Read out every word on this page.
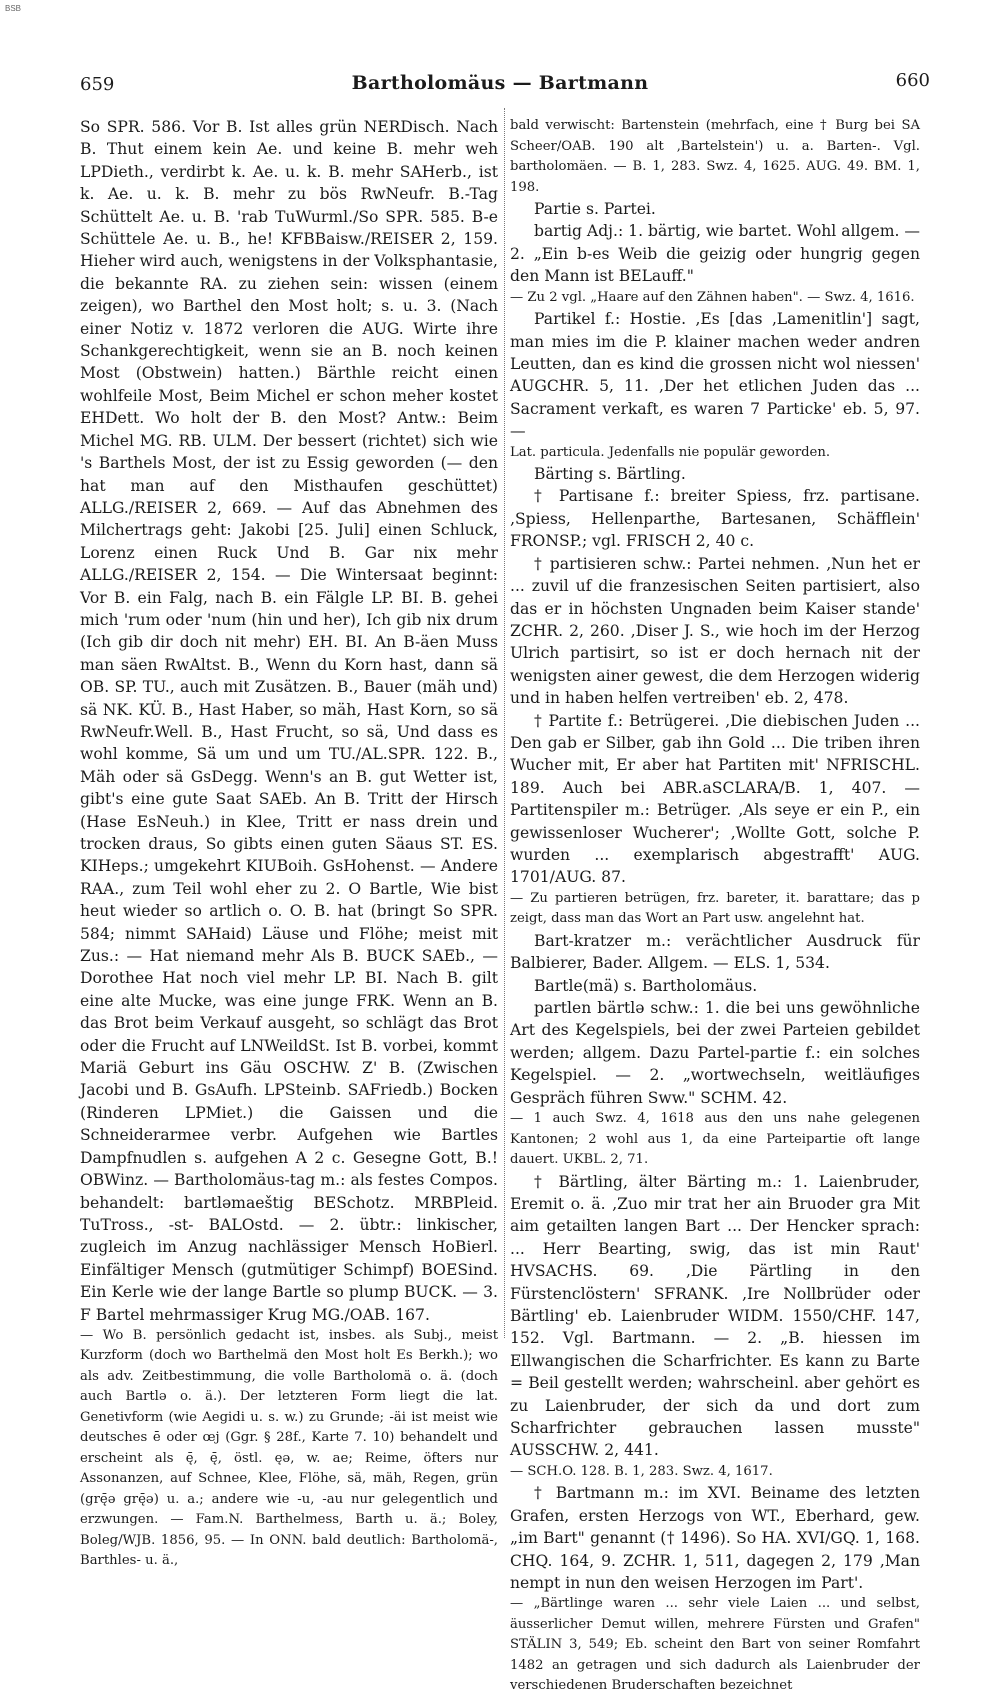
BSB
659	Bartholomäus — Bartmann	660

So SPR. 586. Vor B. Ist alles grün NERDisch. Nach B. Thut einem kein Ae. und keine B. mehr weh LPDieth., verdirbt k. Ae. u. k. B. mehr SAHerb., ist k. Ae. u. k. B. mehr zu bös RwNeufr. B.-Tag Schüttelt Ae. u. B. 'rab TuWurml./So SPR. 585. B-e Schüttele Ae. u. B., he! KFBBaisw./REISER 2, 159. Hieher wird auch, wenigstens in der Volksphantasie, die bekannte RA. zu ziehen sein: wissen (einem zeigen), wo Barthel den Most holt; s. u. 3. (Nach einer Notiz v. 1872 verloren die AUG. Wirte ihre Schankgerechtigkeit, wenn sie an B. noch keinen Most (Obstwein) hatten.) Bärthle reicht einen wohlfeile Most, Beim Michel er schon meher kostet EHDett. Wo holt der B. den Most? Antw.: Beim Michel MG. RB. ULM. Der bessert (richtet) sich wie 's Barthels Most, der ist zu Essig geworden (— den hat man auf den Misthaufen geschüttet) ALLG./REISER 2, 669. — Auf das Abnehmen des Milchertrags geht: Jakobi [25. Juli] einen Schluck, Lorenz einen Ruck Und B. Gar nix mehr ALLG./REISER 2, 154. — Die Wintersaat beginnt: Vor B. ein Falg, nach B. ein Fälgle LP. BI. B. gehei mich 'rum oder 'num (hin und her), Ich gib nix drum (Ich gib dir doch nit mehr) EH. BI. An B-äen Muss man säen RwAltst. B., Wenn du Korn hast, dann sä OB. SP. TU., auch mit Zusätzen. B., Bauer (mäh und) sä NK. KÜ. B., Hast Haber, so mäh, Hast Korn, so sä RwNeufr.Well. B., Hast Frucht, so sä, Und dass es wohl komme, Sä um und um TU./AL.SPR. 122. B., Mäh oder sä GsDegg. Wenn's an B. gut Wetter ist, gibt's eine gute Saat SAEb. An B. Tritt der Hirsch (Hase EsNeuh.) in Klee, Tritt er nass drein und trocken draus, So gibts einen guten Säaus ST. ES. KIHeps.; umgekehrt KIUBoih. GsHohenst. — Andere RAA., zum Teil wohl eher zu 2. O Bartle, Wie bist heut wieder so artlich o. O. B. hat (bringt So SPR. 584; nimmt SAHaid) Läuse und Flöhe; meist mit Zus.: — Hat niemand mehr Als B. BUCK SAEb., — Dorothee Hat noch viel mehr LP. BI. Nach B. gilt eine alte Mucke, was eine junge FRK. Wenn an B. das Brot beim Verkauf ausgeht, so schlägt das Brot oder die Frucht auf LNWeildSt. Ist B. vorbei, kommt Mariä Geburt ins Gäu OSCHW. Z' B. (Zwischen Jacobi und B. GsAufh. LPSteinb. SAFriedb.) Bocken (Rinderen LPMiet.) die Gaissen und die Schneiderarmee verbr. Aufgehen wie Bartles Dampfnudlen s. aufgehen A 2 c. Gesegne Gott, B.! OBWinz. — Bartholomäus-tag m.: als festes Compos. behandelt: bartləmaeštig BESchotz. MRBPleid. TuTross., -st- BALOstd. — 2. übtr.: linkischer, zugleich im Anzug nachlässiger Mensch HoBierl. Einfältiger Mensch (gutmütiger Schimpf) BOESind. Ein Kerle wie der lange Bartle so plump BUCK. — 3. F Bartel mehrmassiger Krug MG./OAB. 167.

— Wo B. persönlich gedacht ist, insbes. als Subj., meist Kurzform (doch wo Barthelmä den Most holt Es Berkh.); wo als adv. Zeitbestimmung, die volle Bartholomä o. ä. (doch auch Bartlə o. ä.). Der letzteren Form liegt die lat. Genetivform (wie Aegidi u. s. w.) zu Grunde; -äi ist meist wie deutsches ē oder œj (Ggr. § 28f., Karte 7. 10) behandelt und erscheint als ę̄, ę̄, östl. ęə, w. ae; Reime, öfters nur Assonanzen, auf Schnee, Klee, Flöhe, sä, mäh, Regen, grün (grę̄ə grę̄ə) u. a.; andere wie -u, -au nur gelegentlich und erzwungen. — Fam.N. Barthelmess, Barth u. ä.; Boley, Boleg/WJB. 1856, 95. — In ONN. bald deutlich: Bartholomä-, Barthles- u. ä.,

bald verwischt: Bartenstein (mehrfach, eine † Burg bei SA Scheer/OAB. 190 alt ‚Bartelstein') u. a. Barten-. Vgl. bartholomäen. — B. 1, 283. Swz. 4, 1625. AUG. 49. BM. 1, 198.

Partie s. Partei.

bartig Adj.: 1. bärtig, wie bartet. Wohl allgem. — 2. „Ein b-es Weib die geizig oder hungrig gegen den Mann ist BELauff."

— Zu 2 vgl. „Haare auf den Zähnen haben". — Swz. 4, 1616.

Partikel f.: Hostie. ‚Es [das ‚Lamenitlin'] sagt, man mies im die P. klainer machen weder andren Leutten, dan es kind die grossen nicht wol niessen' AUGCHR. 5, 11. ‚Der het etlichen Juden das ... Sacrament verkaft, es waren 7 Particke' eb. 5, 97. —

Lat. particula. Jedenfalls nie populär geworden.

Bärting s. Bärtling.

† Partisane f.: breiter Spiess, frz. partisane. ‚Spiess, Hellenparthe, Bartesanen, Schäfflein' FRONSP.; vgl. FRISCH 2, 40 c.

† partisieren schw.: Partei nehmen. ‚Nun het er ... zuvil uf die franzesischen Seiten partisiert, also das er in höchsten Ungnaden beim Kaiser stande' ZCHR. 2, 260. ‚Diser J. S., wie hoch im der Herzog Ulrich partisirt, so ist er doch hernach nit der wenigsten ainer gewest, die dem Herzogen widerig und in haben helfen vertreiben' eb. 2, 478.

† Partite f.: Betrügerei. ‚Die diebischen Juden ... Den gab er Silber, gab ihn Gold ... Die triben ihren Wucher mit, Er aber hat Partiten mit' NFRISCHL. 189. Auch bei ABR.aSCLARA/B. 1, 407. — Partitenspiler m.: Betrüger. ‚Als seye er ein P., ein gewissenloser Wucherer'; ‚Wollte Gott, solche P. wurden ... exemplarisch abgestrafft' AUG. 1701/AUG. 87.

— Zu partieren betrügen, frz. bareter, it. barattare; das p zeigt, dass man das Wort an Part usw. angelehnt hat.

Bart-kratzer m.: verächtlicher Ausdruck für Balbierer, Bader. Allgem. — ELS. 1, 534.

Bartle(mä) s. Bartholomäus.

partlen bärtlə schw.: 1. die bei uns gewöhnliche Art des Kegelspiels, bei der zwei Parteien gebildet werden; allgem. Dazu Partel-partie f.: ein solches Kegelspiel. — 2. „wortwechseln, weitläufiges Gespräch führen Sww." SCHM. 42.

— 1 auch Swz. 4, 1618 aus den uns nahe gelegenen Kantonen; 2 wohl aus 1, da eine Parteipartie oft lange dauert. UKBL. 2, 71.

† Bärtling, älter Bärting m.: 1. Laienbruder, Eremit o. ä. ‚Zuo mir trat her ain Bruoder gra Mit aim getailten langen Bart ... Der Hencker sprach: ... Herr Bearting, swig, das ist min Raut' HVSACHS. 69. ‚Die Pärtling in den Fürstenclöstern' SFRANK. ‚Ire Nollbrüder oder Bärtling' eb. Laienbruder WIDM. 1550/CHF. 147, 152. Vgl. Bartmann. — 2. „B. hiessen im Ellwangischen die Scharfrichter. Es kann zu Barte = Beil gestellt werden; wahrscheinl. aber gehört es zu Laienbruder, der sich da und dort zum Scharfrichter gebrauchen lassen musste" AUSSCHW. 2, 441.

— SCH.O. 128. B. 1, 283. Swz. 4, 1617.

† Bartmann m.: im XVI. Beiname des letzten Grafen, ersten Herzogs von WT., Eberhard, gew. „im Bart" genannt († 1496). So HA. XVI/GQ. 1, 168. CHQ. 164, 9. ZCHR. 1, 511, dagegen 2, 179 ‚Man nempt in nun den weisen Herzogen im Part'.

— „Bärtlinge waren ... sehr viele Laien ... und selbst, äusserlicher Demut willen, mehrere Fürsten und Grafen" STÄLIN 3, 549; Eb. scheint den Bart von seiner Romfahrt 1482 an getragen und sich dadurch als Laienbruder der verschiedenen Bruderschaften bezeichnet
